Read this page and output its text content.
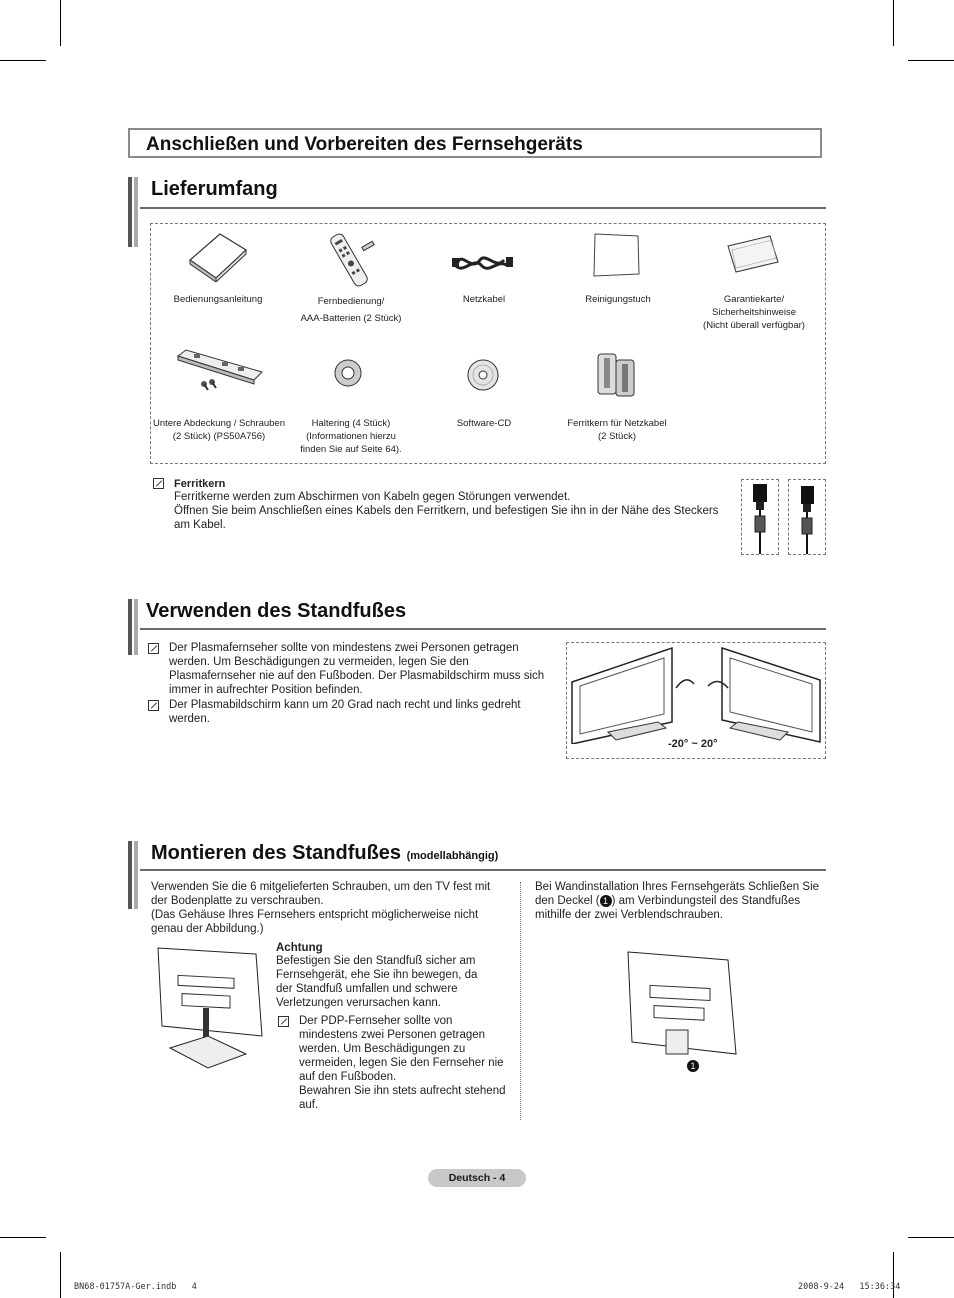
Anschließen und Vorbereiten des Fernsehgeräts
Lieferumfang
Bedienungsanleitung	Fernbedienung/
AAA-Batterien (2 Stück)
Netzkabel	Reinigungstuch	Garantiekarte/
Sicherheitshinweise
(Nicht überall verfügbar)
Untere Abdeckung / Schrauben
(2 Stück) (PS50A756)
Haltering (4 Stück)
(Informationen hierzu
finden Sie auf Seite 64).
Software-CD	Ferritkern für Netzkabel
(2 Stück)
Ferritkern
Ferritkerne werden zum Abschirmen von Kabeln gegen Störungen verwendet.
Öffnen Sie beim Anschließen eines Kabels den Ferritkern, und befestigen Sie ihn in der Nähe des Steckers am Kabel.
Verwenden des Standfußes
Der Plasmafernseher sollte von mindestens zwei Personen getragen werden. Um Beschädigungen zu vermeiden, legen Sie den Plasmafernseher nie auf den Fußboden. Der Plasmabildschirm muss sich immer in aufrechter Position befinden.
Der Plasmabildschirm kann um 20 Grad nach recht und links gedreht werden.
-20° ~ 20°
Montieren des Standfußes (modellabhängig)
Verwenden Sie die 6 mitgelieferten Schrauben, um den TV fest mit der Bodenplatte zu verschrauben.
(Das Gehäuse Ihres Fernsehers entspricht möglicherweise nicht genau der Abbildung.)
Achtung
Befestigen Sie den Standfuß sicher am Fernsehgerät, ehe Sie ihn bewegen, da der Standfuß umfallen und schwere Verletzungen verursachen kann.
Der PDP-Fernseher sollte von mindestens zwei Personen getragen werden. Um Beschädigungen zu vermeiden, legen Sie den Fernseher nie auf den Fußboden.
Bewahren Sie ihn stets aufrecht stehend auf.
Bei Wandinstallation Ihres Fernsehgeräts Schließen Sie den Deckel ( 1 ) am Verbindungsteil des Standfußes mithilfe der zwei Verblendschrauben.
1
Deutsch - 4
BN68-01757A-Ger.indb   4	2008-9-24   15:36:34
